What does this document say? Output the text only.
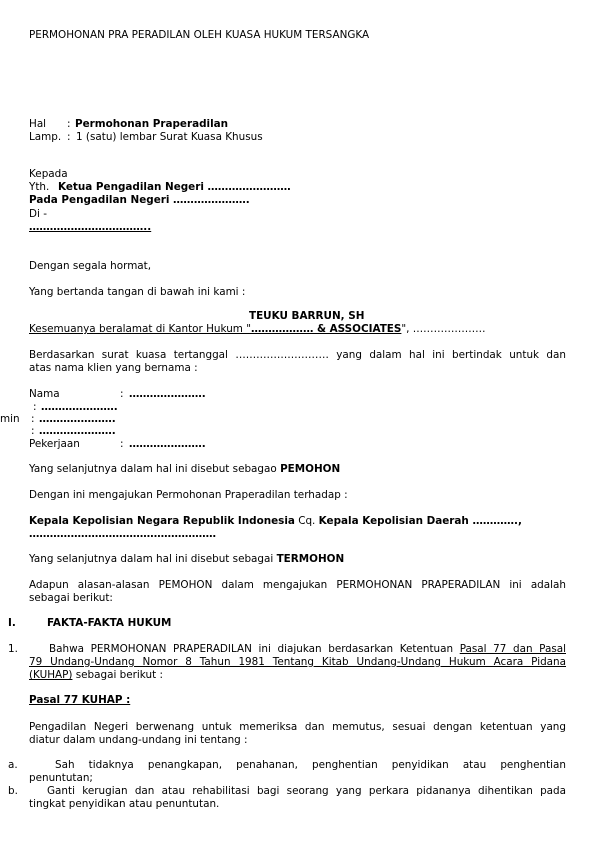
PERMOHONAN PRA PERADILAN OLEH KUASA HUKUM TERSANGKA
Hal : Permohonan Praperadilan
Lamp. : 1 (satu) lembar Surat Kuasa Khusus
Kepada
Yth. Ketua Pengadilan Negeri ……………………
Pada Pengadilan Negeri ………………….
Di -
……………………………..
Dengan segala hormat,
Yang bertanda tangan di bawah ini kami :
TEUKU BARRUN, SH
Kesemuanya beralamat di Kantor Hukum "……………… & ASSOCIATES", …………………
Berdasarkan surat kuasa tertanggal ……………………… yang dalam hal ini bertindak untuk dan
atas nama klien yang bernama :
Nama	: ………………….
: ………………….
min : ………………….
: ………………….
Pekerjaan	: ………………….
Yang selanjutnya dalam hal ini disebut sebagao PEMOHON
Dengan ini mengajukan Permohonan Praperadilan terhadap :
Kepala Kepolisian Negara Republik Indonesia Cq. Kepala Kepolisian Daerah ………….,
………………………………………………
Yang selanjutnya dalam hal ini disebut sebagai TERMOHON
Adapun alasan-alasan PEMOHON dalam mengajukan PERMOHONAN PRAPERADILAN ini adalah
sebagai berikut:
I.	FAKTA-FAKTA HUKUM
1.	Bahwa PERMOHONAN PRAPERADILAN ini diajukan berdasarkan Ketentuan Pasal 77 dan Pasal
79 Undang-Undang Nomor 8 Tahun 1981 Tentang Kitab Undang-Undang Hukum Acara Pidana
(KUHAP) sebagai berikut :
Pasal 77 KUHAP :
Pengadilan Negeri berwenang untuk memeriksa dan memutus, sesuai dengan ketentuan yang
diatur dalam undang-undang ini tentang :
a.	Sah tidaknya penangkapan, penahanan, penghentian penyidikan atau penghentian
penuntutan;
b.	Ganti kerugian dan atau rehabilitasi bagi seorang yang perkara pidananya dihentikan pada
tingkat penyidikan atau penuntutan.
